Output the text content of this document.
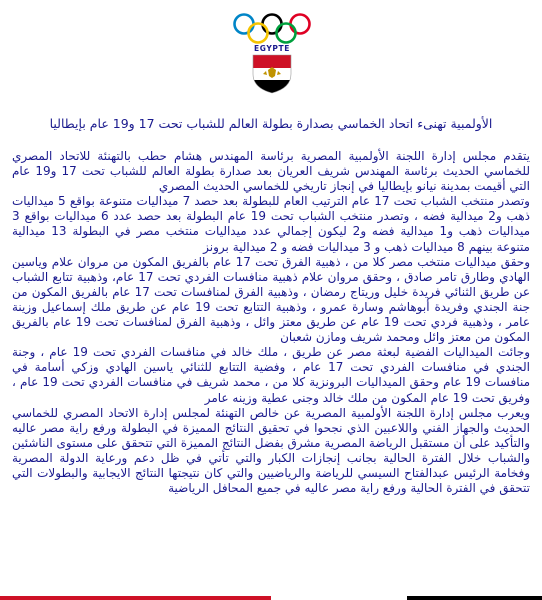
EGYPTE

الأولمبية تهنىء اتحاد الخماسي بصدارة بطولة العالم للشباب تحت 17 و19 عام بإيطاليا

يتقدم مجلس إدارة اللجنة الأولمبية المصرية برئاسة المهندس هشام حطب بالتهنئة للاتحاد المصري للخماسي الحديث برئاسة المهندس شريف العريان بعد صدارة بطولة العالم للشباب تحت 17 و19 عام التي أقيمت بمدينة نيانو بإيطاليا في إنجاز تاريخي للخماسي الحديث المصري

وتصدر منتخب الشباب تحت 17 عام الترتيب العام للبطولة بعد حصد 7 ميداليات متنوعة بواقع 5 ميداليات ذهب و2 ميدالية فضه ، وتصدر منتخب الشباب تحت 19 عام البطولة بعد حصد عدد 6 ميداليات بواقع 3 ميداليات ذهب و1 ميدالية فضه و2 ليكون إجمالي عدد ميداليات منتخب مصر في البطولة 13 ميدالية متنوعة بينهم 8 ميداليات ذهب و 3 ميداليات فضه و 2 ميدالية برونز

وحقق ميداليات منتخب مصر كلا من ، ذهبية الفرق تحت 17 عام بالفريق المكون من مروان علام وياسين الهادي وطارق تامر صادق ، وحقق مروان علام ذهبية منافسات الفردي تحت 17 عام، وذهبية تتابع الشباب عن طريق الثنائي فريدة خليل وريتاج رمضان ، وذهبية الفرق لمنافسات تحت 17 عام بالفريق المكون من جنة الجندي وفريدة أبوهاشم وسارة عمرو ، وذهبية التتابع تحت 19 عام عن طريق ملك إسماعيل وزينة عامر ، وذهبية فردي تحت 19 عام عن طريق معتز وائل ، وذهبية الفرق لمنافسات تحت 19 عام بالفريق المكون من معتز وائل ومحمد شريف ومازن شعبان

وجائت الميداليات الفضية لبعثة مصر عن طريق ، ملك خالد في منافسات الفردي تحت 19 عام ، وجنة الجندي في منافسات الفردي تحت 17 عام ، وفضية التتابع للثنائي ياسين الهادي وزكي أسامة في منافسات 19 عام وحقق الميداليات البرونزية كلا من ، محمد شريف في منافسات الفردي تحت 19 عام ، وفريق تحت 19 عام المكون من ملك خالد وجنى عطية وزينه عامر

ويعرب مجلس إدارة اللجنة الأولمبية المصرية عن خالص التهنئة لمجلس إدارة الاتحاد المصري للخماسي الحديث والجهاز الفني واللاعبين الذي نجحوا في تحقيق النتائج المميزة في البطولة ورفع راية مصر عاليه والتأكيد على أن مستقبل الرياضة المصرية مشرق بفضل النتائج المميزة التي تتحقق على مستوى الناشئين والشباب خلال الفترة الحالية بجانب إنجازات الكبار والتي تأتي في ظل دعم ورعاية الدولة المصرية وفخامة الرئيس عبدالفتاح السيسي للرياضة والرياضيين والتي كان نتيجتها النتائج الايجابية والبطولات التي تتحقق في الفترة الحالية ورفع راية مصر عاليه في جميع المحافل الرياضية
